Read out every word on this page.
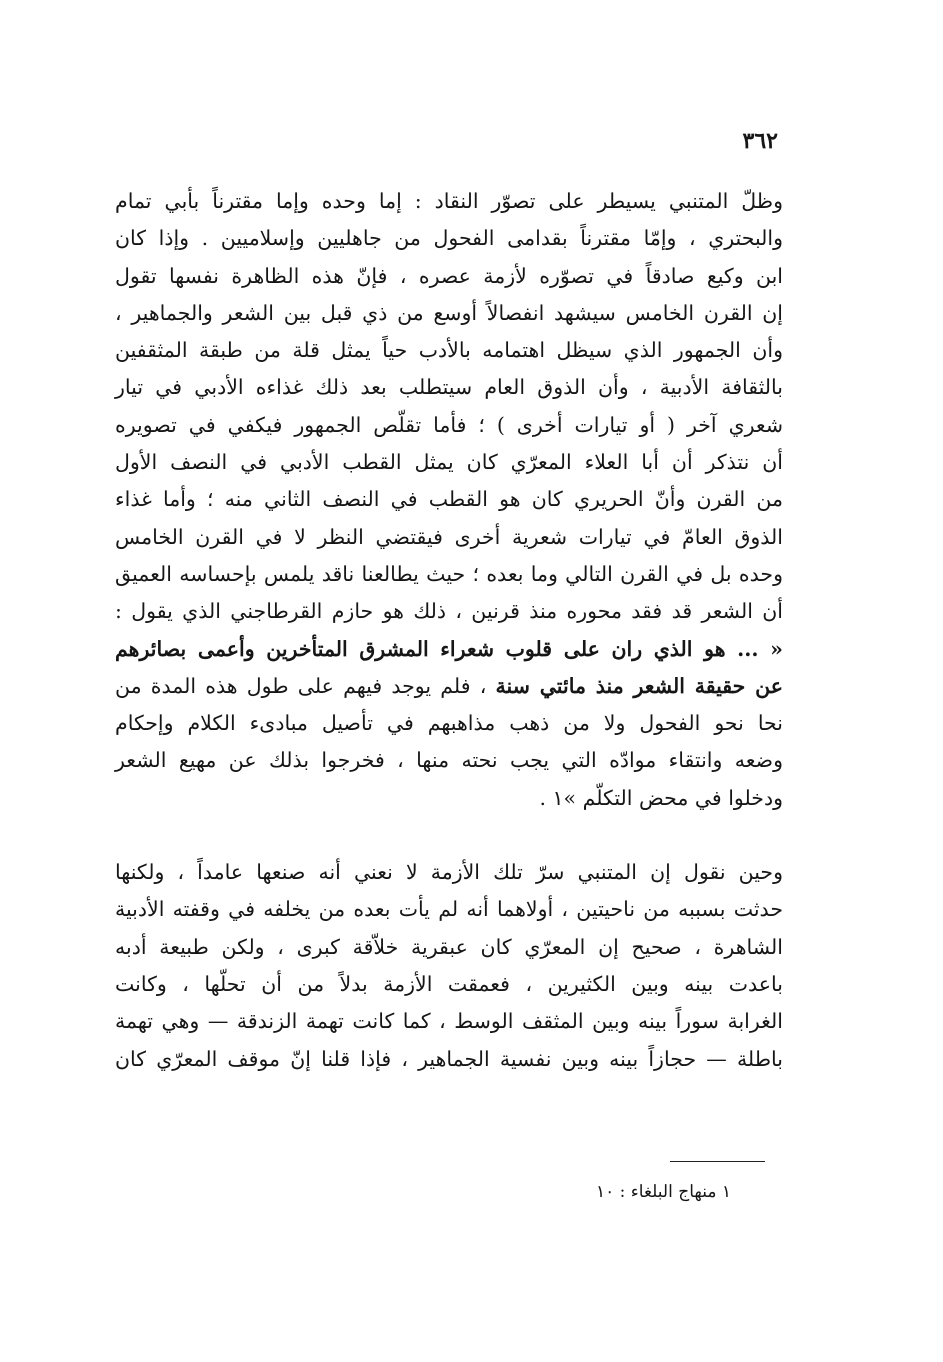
٣٦٢
وظلّ المتنبي يسيطر على تصوّر النقاد : إما وحده وإما مقترناً بأبي تمام
والبحتري ، وإمّا مقترناً بقدامى الفحول من جاهليين وإسلاميين . وإذا كان
ابن وكيع صادقاً في تصوّره لأزمة عصره ، فإنّ هذه الظاهرة نفسها تقول
إن القرن الخامس سيشهد انفصالاً أوسع من ذي قبل بين الشعر والجماهير ،
وأن الجمهور الذي سيظل اهتمامه بالأدب حياً يمثل قلة من طبقة المثقفين
بالثقافة الأدبية ، وأن الذوق العام سيتطلب بعد ذلك غذاءه الأدبي في تيار
شعري آخر ( أو تيارات أخرى ) ؛ فأما تقلّص الجمهور فيكفي في تصويره
أن نتذكر أن أبا العلاء المعرّي كان يمثل القطب الأدبي في النصف الأول
من القرن وأنّ الحريري كان هو القطب في النصف الثاني منه ؛ وأما غذاء
الذوق العامّ في تيارات شعرية أخرى فيقتضي النظر لا في القرن الخامس
وحده بل في القرن التالي وما بعده ؛ حيث يطالعنا ناقد يلمس بإحساسه العميق
أن الشعر قد فقد محوره منذ قرنين ، ذلك هو حازم القرطاجني الذي يقول :
« ... هو الذي ران على قلوب شعراء المشرق المتأخرين وأعمى بصائرهم
عن حقيقة الشعر منذ مائتي سنة ، فلم يوجد فيهم على طول هذه المدة من
نحا نحو الفحول ولا من ذهب مذاهبهم في تأصيل مبادىء الكلام وإحكام
وضعه وانتقاء موادّه التي يجب نحته منها ، فخرجوا بذلك عن مهيع الشعر
ودخلوا في محض التكلّم »١ .
وحين نقول إن المتنبي سرّ تلك الأزمة لا نعني أنه صنعها عامداً ، ولكنها
حدثت بسببه من ناحيتين ، أولاهما أنه لم يأت بعده من يخلفه في وقفته الأدبية
الشاهرة ، صحيح إن المعرّي كان عبقرية خلاّقة كبرى ، ولكن طبيعة أدبه
باعدت بينه وبين الكثيرين ، فعمقت الأزمة بدلاً من أن تحلّها ، وكانت
الغرابة سوراً بينه وبين المثقف الوسط ، كما كانت تهمة الزندقة — وهي تهمة
باطلة — حجازاً بينه وبين نفسية الجماهير ، فإذا قلنا إنّ موقف المعرّي كان
١ منهاج البلغاء : ١٠
